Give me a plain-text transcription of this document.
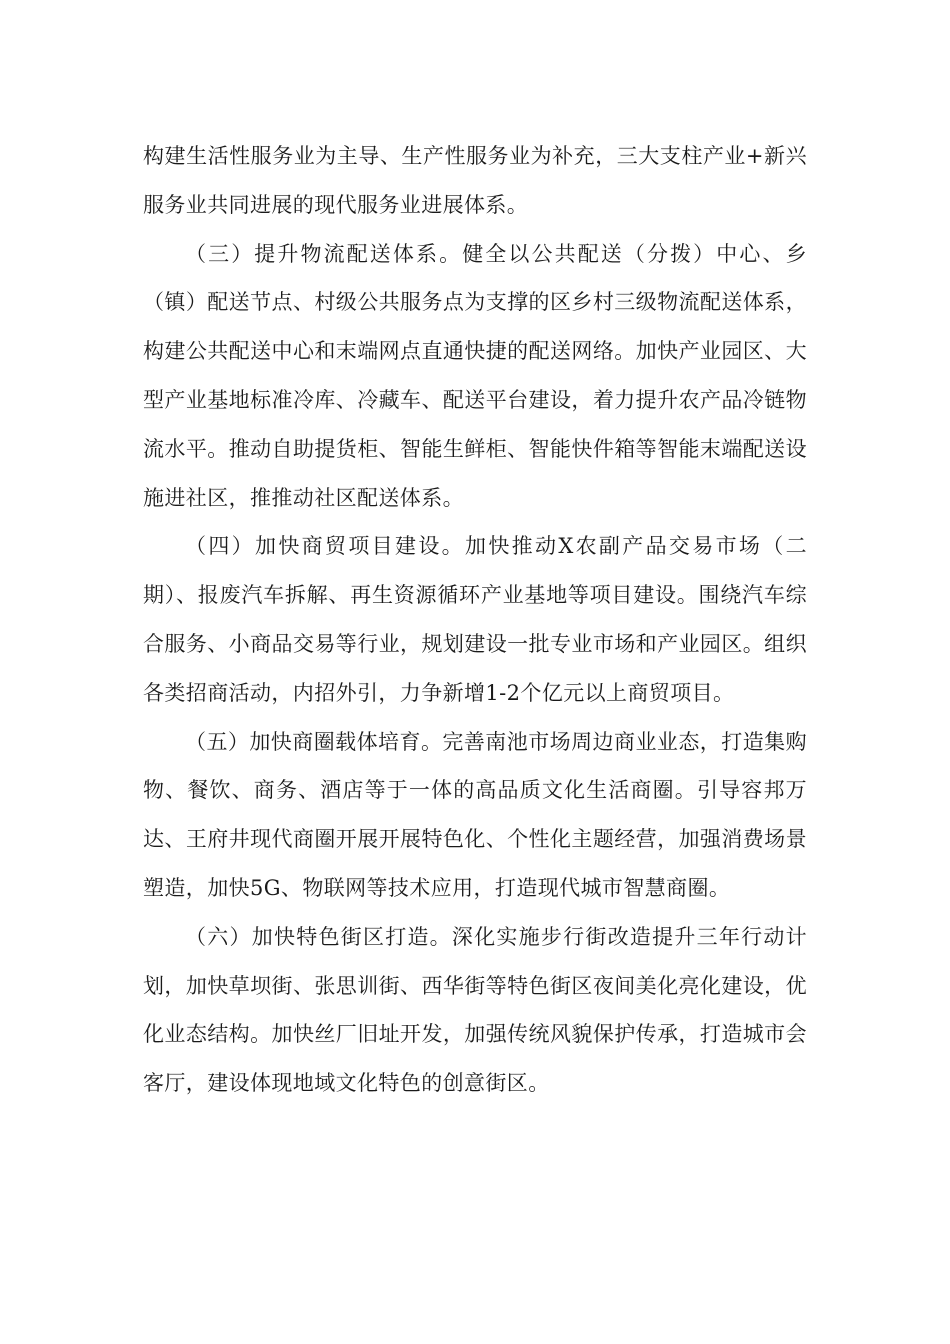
构建生活性服务业为主导、生产性服务业为补充，三大支柱产业+新兴服务业共同进展的现代服务业进展体系。

（三）提升物流配送体系。健全以公共配送（分拨）中心、乡（镇）配送节点、村级公共服务点为支撑的区乡村三级物流配送体系，构建公共配送中心和末端网点直通快捷的配送网络。加快产业园区、大型产业基地标准冷库、冷藏车、配送平台建设，着力提升农产品冷链物流水平。推动自助提货柜、智能生鲜柜、智能快件箱等智能末端配送设施进社区，推推动社区配送体系。

（四）加快商贸项目建设。加快推动X农副产品交易市场（二期）、报废汽车拆解、再生资源循环产业基地等项目建设。围绕汽车综合服务、小商品交易等行业，规划建设一批专业市场和产业园区。组织各类招商活动，内招外引，力争新增1-2个亿元以上商贸项目。

（五）加快商圈载体培育。完善南池市场周边商业业态，打造集购物、餐饮、商务、酒店等于一体的高品质文化生活商圈。引导容邦万达、王府井现代商圈开展开展特色化、个性化主题经营，加强消费场景塑造，加快5G、物联网等技术应用，打造现代城市智慧商圈。

（六）加快特色街区打造。深化实施步行街改造提升三年行动计划，加快草坝街、张思训街、西华街等特色街区夜间美化亮化建设，优化业态结构。加快丝厂旧址开发，加强传统风貌保护传承，打造城市会客厅，建设体现地域文化特色的创意街区。
